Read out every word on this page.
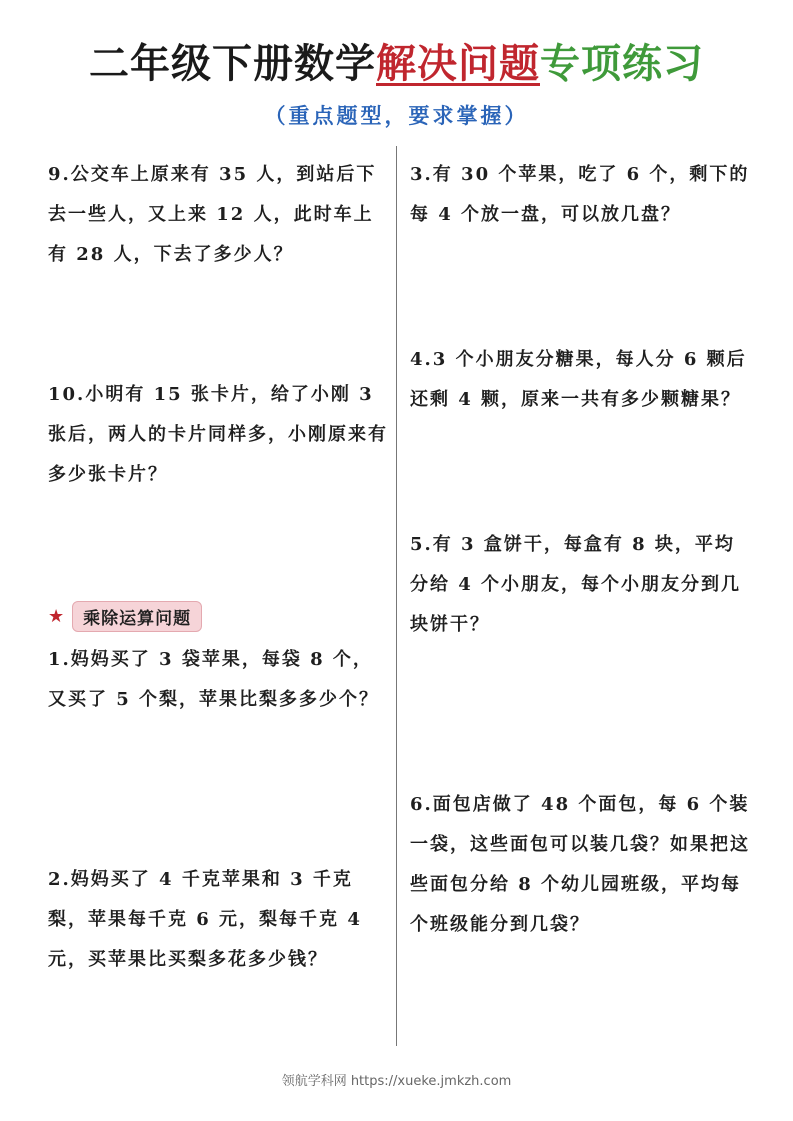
二年级下册数学解决问题专项练习
（重点题型，要求掌握）
9.公交车上原来有 35 人，到站后下去一些人，又上来 12 人，此时车上有 28 人，下去了多少人？
10.小明有 15 张卡片，给了小刚 3 张后，两人的卡片同样多，小刚原来有多少张卡片？
★	乘除运算问题
1.妈妈买了 3 袋苹果，每袋 8 个，又买了 5 个梨，苹果比梨多多少个？
2.妈妈买了 4 千克苹果和 3 千克梨，苹果每千克 6 元，梨每千克 4 元，买苹果比买梨多花多少钱？
3.有 30 个苹果，吃了 6 个，剩下的每 4 个放一盘，可以放几盘？
4.3 个小朋友分糖果，每人分 6 颗后还剩 4 颗，原来一共有多少颗糖果？
5.有 3 盒饼干，每盒有 8 块，平均分给 4 个小朋友，每个小朋友分到几块饼干？
6.面包店做了 48 个面包，每 6 个装一袋，这些面包可以装几袋？如果把这些面包分给 8 个幼儿园班级，平均每个班级能分到几袋？
领航学科网 https://xueke.jmkzh.com
